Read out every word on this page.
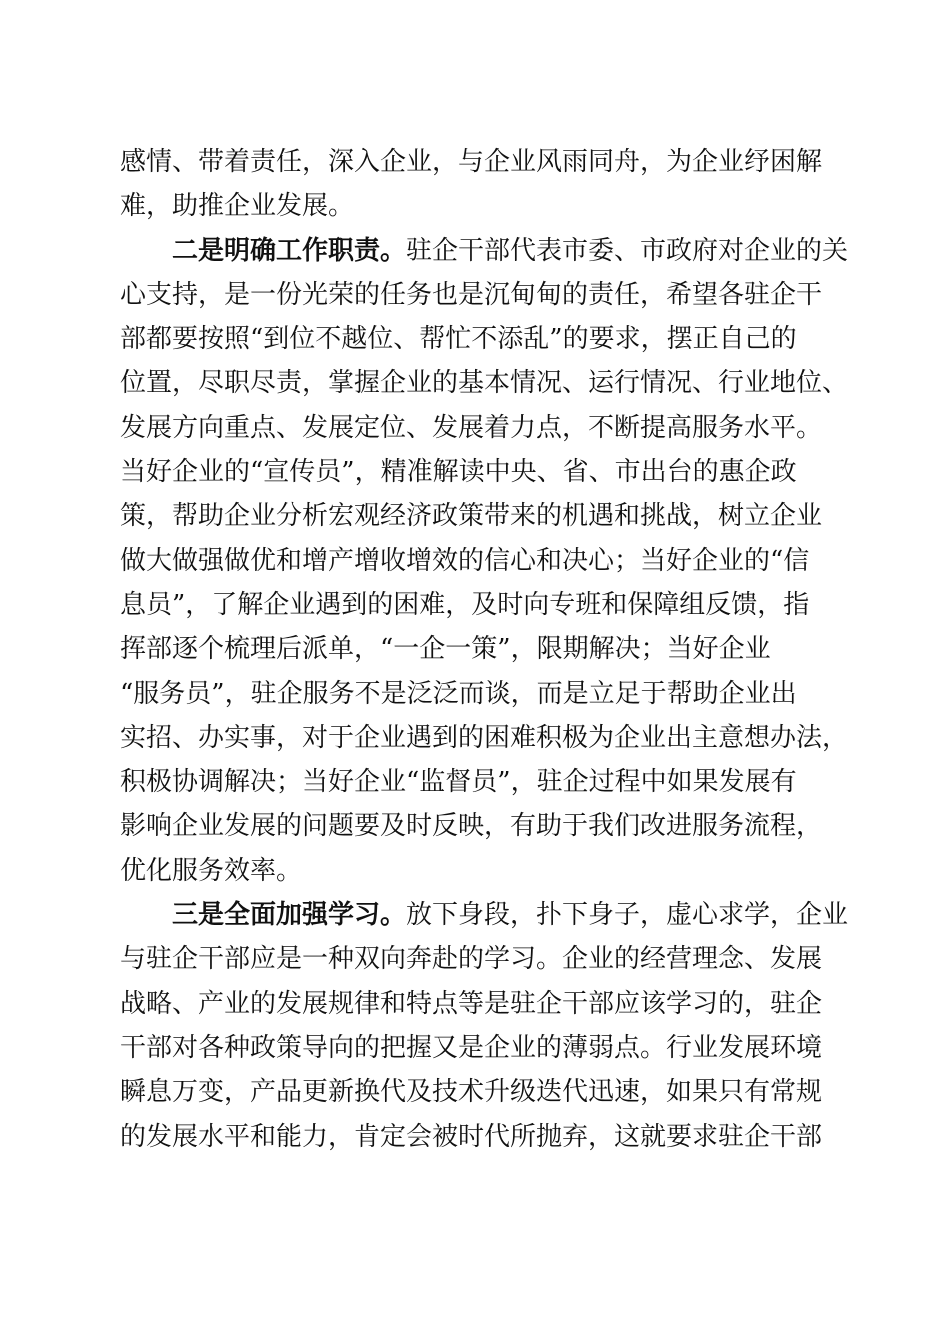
感情、带着责任，深入企业，与企业风雨同舟，为企业纾困解
难，助推企业发展。
二是明确工作职责。驻企干部代表市委、市政府对企业的关
心支持，是一份光荣的任务也是沉甸甸的责任，希望各驻企干
部都要按照“到位不越位、帮忙不添乱”的要求，摆正自己的
位置，尽职尽责，掌握企业的基本情况、运行情况、行业地位、
发展方向重点、发展定位、发展着力点，不断提高服务水平。
当好企业的“宣传员”，精准解读中央、省、市出台的惠企政
策，帮助企业分析宏观经济政策带来的机遇和挑战，树立企业
做大做强做优和增产增收增效的信心和决心；当好企业的“信
息员”，了解企业遇到的困难，及时向专班和保障组反馈，指
挥部逐个梳理后派单，“一企一策”，限期解决；当好企业
“服务员”，驻企服务不是泛泛而谈，而是立足于帮助企业出
实招、办实事，对于企业遇到的困难积极为企业出主意想办法，
积极协调解决；当好企业“监督员”，驻企过程中如果发展有
影响企业发展的问题要及时反映，有助于我们改进服务流程，
优化服务效率。
三是全面加强学习。放下身段，扑下身子，虚心求学，企业
与驻企干部应是一种双向奔赴的学习。企业的经营理念、发展
战略、产业的发展规律和特点等是驻企干部应该学习的，驻企
干部对各种政策导向的把握又是企业的薄弱点。行业发展环境
瞬息万变，产品更新换代及技术升级迭代迅速，如果只有常规
的发展水平和能力，肯定会被时代所抛弃，这就要求驻企干部
